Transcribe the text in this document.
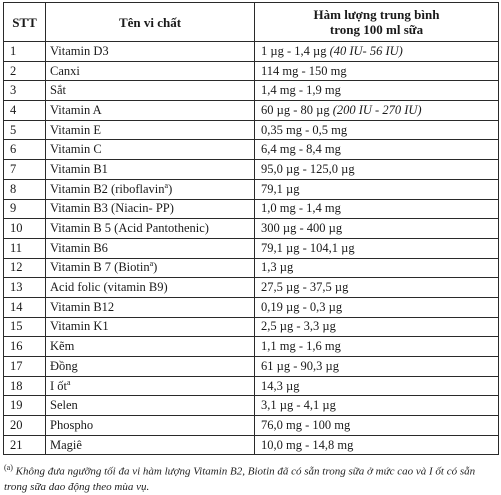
STT	Tên vi chất	Hàm lượng trung bình
trong 100 ml sữa
1	Vitamin D3	1 µg - 1,4 µg (40 IU- 56 IU)
2	Canxi	114 mg - 150 mg
3	Sắt	1,4 mg - 1,9 mg
4	Vitamin A	60 µg - 80 µg (200 IU - 270 IU)
5	Vitamin E	0,35 mg - 0,5 mg
6	Vitamin C	6,4 mg - 8,4 mg
7	Vitamin B1	95,0 µg - 125,0 µg
8	Vitamin B2 (riboflavin$^a$)	79,1 µg
9	Vitamin B3 (Niacin- PP)	1,0 mg - 1,4 mg
10	Vitamin B 5 (Acid Pantothenic)	300 µg - 400 µg
11	Vitamin B6	79,1 µg - 104,1 µg
12	Vitamin B 7 (Biotin$^a$)	1,3 µg
13	Acid folic (vitamin B9)	27,5 µg - 37,5 µg
14	Vitamin B12	0,19 µg - 0,3 µg
15	Vitamin K1	2,5 µg - 3,3 µg
16	Kẽm	1,1 mg - 1,6 mg
17	Đồng	61 µg - 90,3 µg
18	I ốt$^a$	14,3 µg
19	Selen	3,1 µg - 4,1 µg
20	Phospho	76,0 mg - 100 mg
21	Magiê	10,0 mg - 14,8 mg
$^{(a)}$ Không đưa ngưỡng tối đa vi hàm lượng Vitamin B2, Biotin đã có sẵn trong sữa ở mức cao và I ốt có sẵn trong sữa dao động theo mùa vụ.
